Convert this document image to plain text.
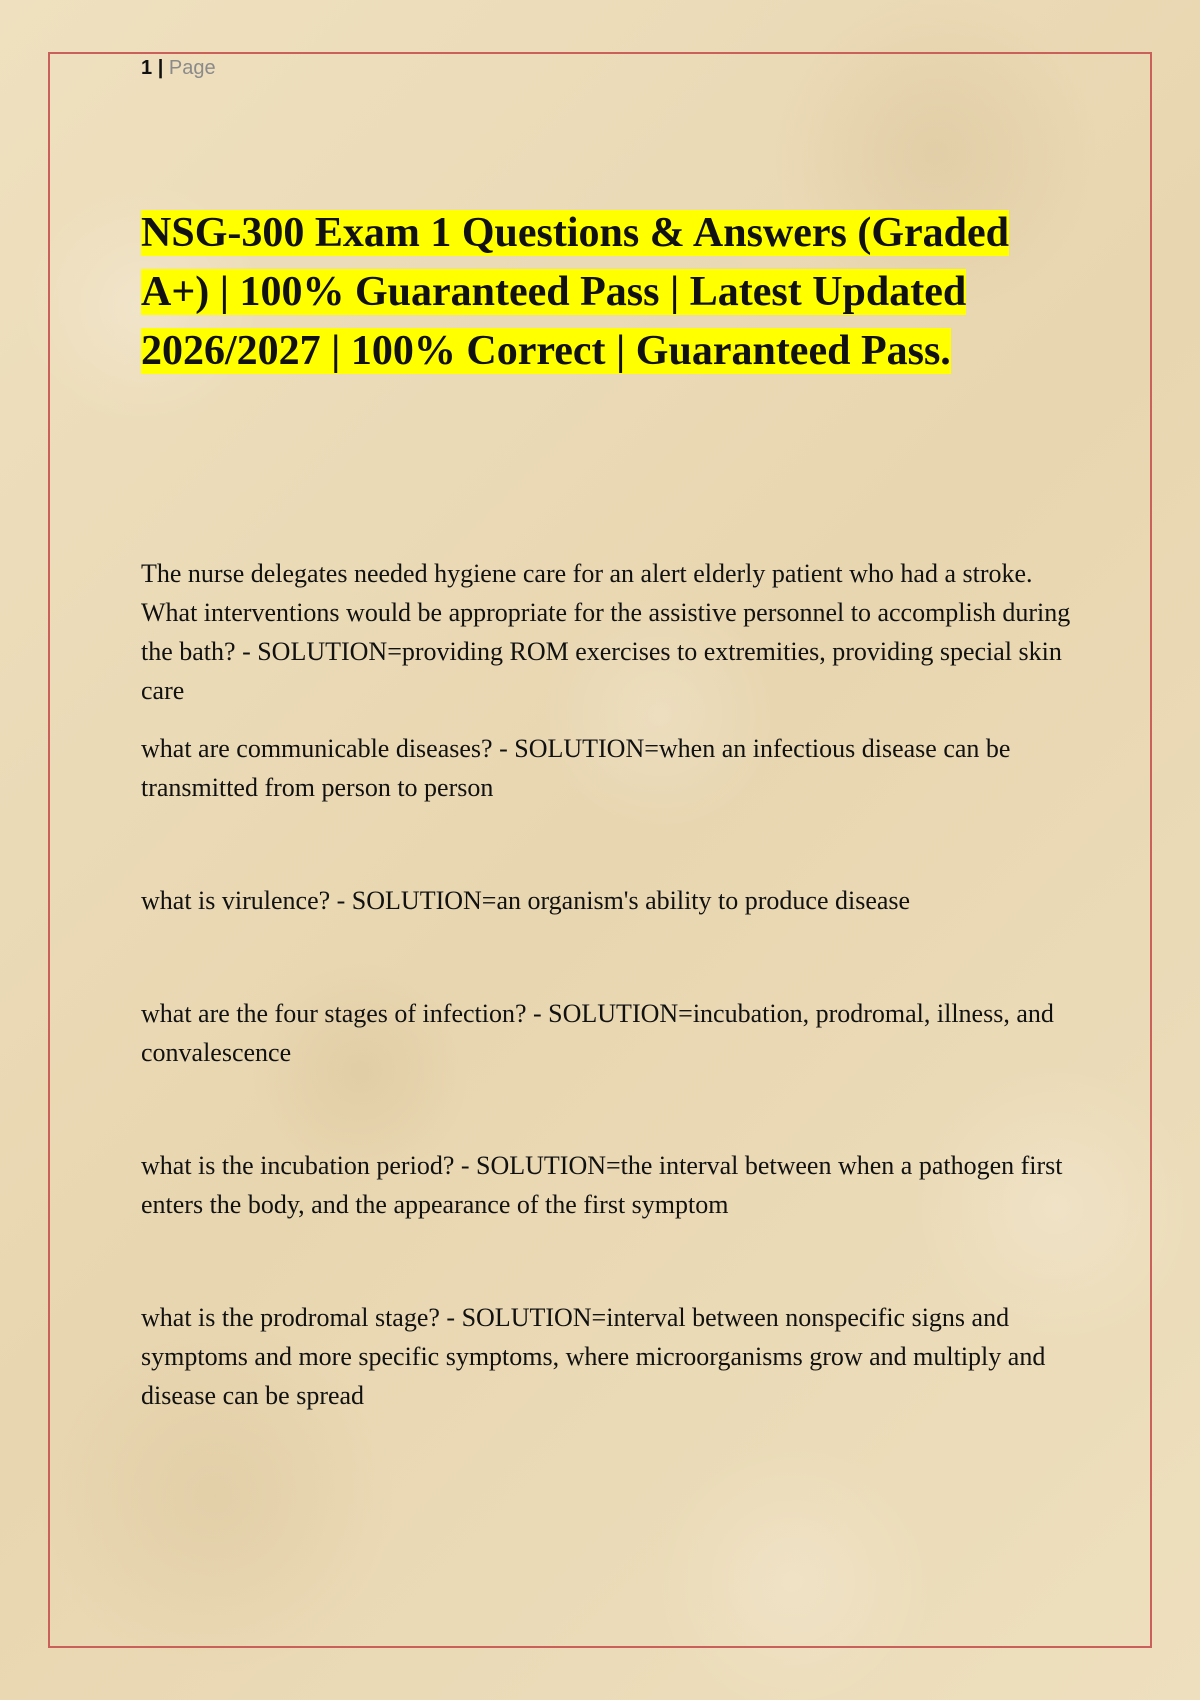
1 | Page
NSG-300 Exam 1 Questions & Answers (Graded A+) | 100% Guaranteed Pass | Latest Updated 2026/2027 | 100% Correct | Guaranteed Pass.

The nurse delegates needed hygiene care for an alert elderly patient who had a stroke. What interventions would be appropriate for the assistive personnel to accomplish during the bath? - SOLUTION=providing ROM exercises to extremities, providing special skin care

what are communicable diseases? - SOLUTION=when an infectious disease can be transmitted from person to person

what is virulence? - SOLUTION=an organism's ability to produce disease

what are the four stages of infection? - SOLUTION=incubation, prodromal, illness, and convalescence

what is the incubation period? - SOLUTION=the interval between when a pathogen first enters the body, and the appearance of the first symptom

what is the prodromal stage? - SOLUTION=interval between nonspecific signs and symptoms and more specific symptoms, where microorganisms grow and multiply and disease can be spread
